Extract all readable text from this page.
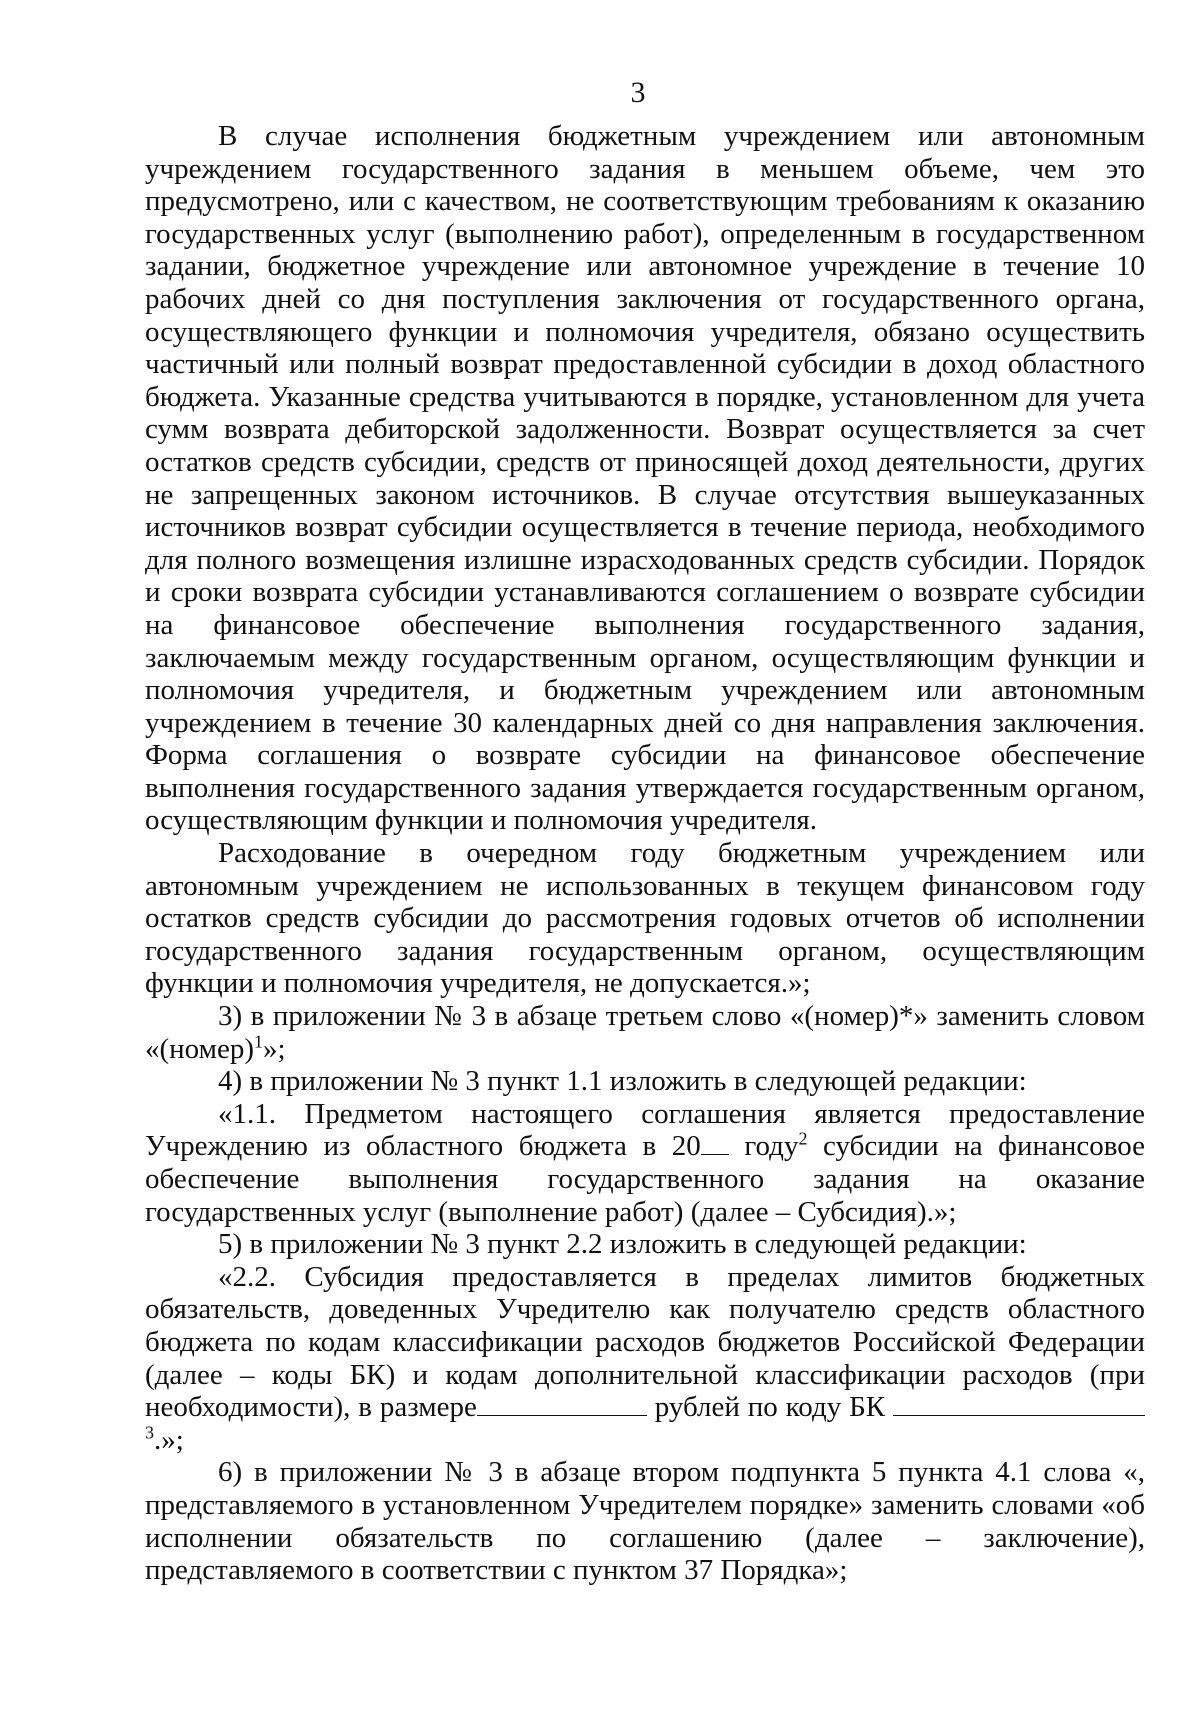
3

В случае исполнения бюджетным учреждением или автономным учреждением государственного задания в меньшем объеме, чем это предусмотрено, или с качеством, не соответствующим требованиям к оказанию государственных услуг (выполнению работ), определенным в государственном задании, бюджетное учреждение или автономное учреждение в течение 10 рабочих дней со дня поступления заключения от государственного органа, осуществляющего функции и полномочия учредителя, обязано осуществить частичный или полный возврат предоставленной субсидии в доход областного бюджета. Указанные средства учитываются в порядке, установленном для учета сумм возврата дебиторской задолженности. Возврат осуществляется за счет остатков средств субсидии, средств от приносящей доход деятельности, других не запрещенных законом источников. В случае отсутствия вышеуказанных источников возврат субсидии осуществляется в течение периода, необходимого для полного возмещения излишне израсходованных средств субсидии. Порядок и сроки возврата субсидии устанавливаются соглашением о возврате субсидии на финансовое обеспечение выполнения государственного задания, заключаемым между государственным органом, осуществляющим функции и полномочия учредителя, и бюджетным учреждением или автономным учреждением в течение 30 календарных дней со дня направления заключения. Форма соглашения о возврате субсидии на финансовое обеспечение выполнения государственного задания утверждается государственным органом, осуществляющим функции и полномочия учредителя.

Расходование в очередном году бюджетным учреждением или автономным учреждением не использованных в текущем финансовом году остатков средств субсидии до рассмотрения годовых отчетов об исполнении государственного задания государственным органом, осуществляющим функции и полномочия учредителя, не допускается.»;

3) в приложении № 3 в абзаце третьем слово «(номер)*» заменить словом «(номер)$^1$»;

4) в приложении № 3 пункт 1.1 изложить в следующей редакции:

«1.1. Предметом настоящего соглашения является предоставление Учреждению из областного бюджета в 20 году$^2$ субсидии на финансовое обеспечение выполнения государственного задания на оказание государственных услуг (выполнение работ) (далее – Субсидия).»;

5) в приложении № 3 пункт 2.2 изложить в следующей редакции:

«2.2. Субсидия предоставляется в пределах лимитов бюджетных обязательств, доведенных Учредителю как получателю средств областного бюджета по кодам классификации расходов бюджетов Российской Федерации (далее – коды БК) и кодам дополнительной классификации расходов (при необходимости), в размере	рублей по коду БК $^3$.»;

6) в приложении № 3 в абзаце втором подпункта 5 пункта 4.1 слова «, представляемого в установленном Учредителем порядке» заменить словами «об исполнении обязательств по соглашению (далее – заключение), представляемого в соответствии с пунктом 37 Порядка»;
